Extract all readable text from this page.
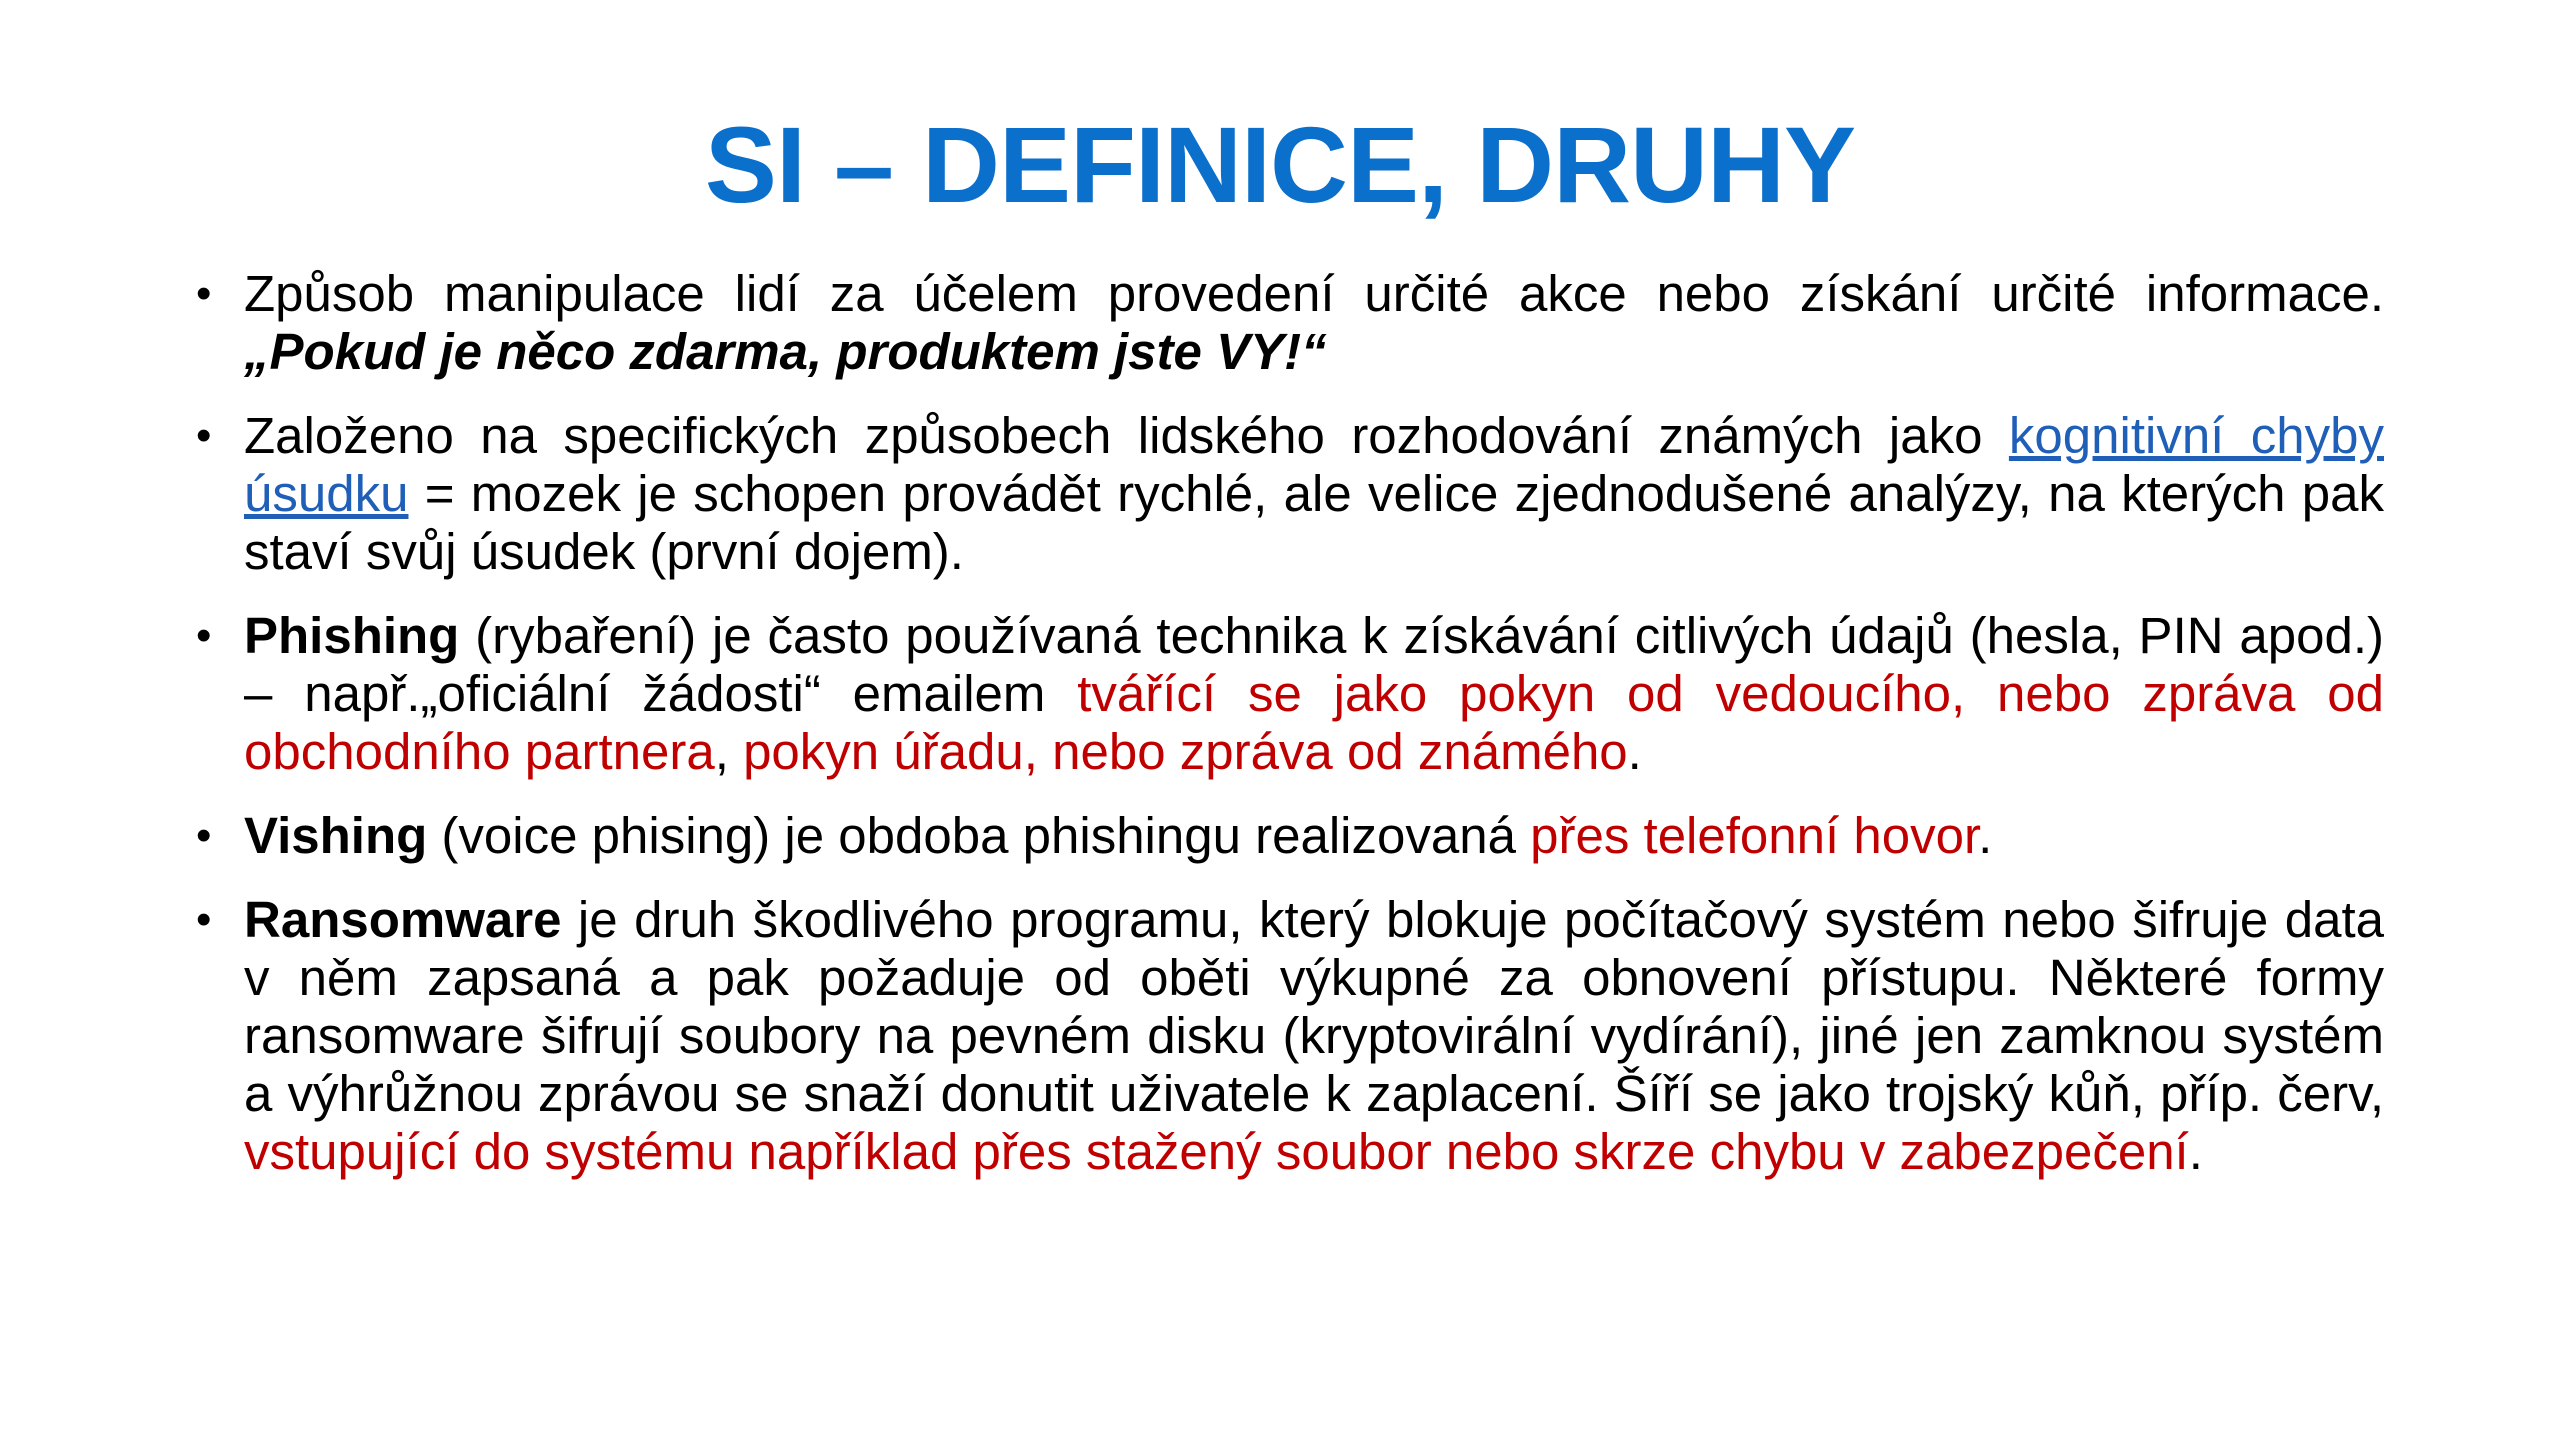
SI – DEFINICE, DRUHY
• Způsob manipulace lidí za účelem provedení určité akce nebo získání určité informace. „Pokud je něco zdarma, produktem jste VY!“
• Založeno na specifických způsobech lidského rozhodování známých jako kognitivní chyby úsudku = mozek je schopen provádět rychlé, ale velice zjednodušené analýzy, na kterých pak staví svůj úsudek (první dojem).
• Phishing (rybaření) je často používaná technika k získávání citlivých údajů (hesla, PIN apod.) – např.„oficiální žádosti“ emailem tvářící se jako pokyn od vedoucího, nebo zpráva od obchodního partnera, pokyn úřadu, nebo zpráva od známého.
• Vishing (voice phising) je obdoba phishingu realizovaná přes telefonní hovor.
• Ransomware je druh škodlivého programu, který blokuje počítačový systém nebo šifruje data v něm zapsaná a pak požaduje od oběti výkupné za obnovení přístupu. Některé formy ransomware šifrují soubory na pevném disku (kryptovirální vydírání), jiné jen zamknou systém a výhrůžnou zprávou se snaží donutit uživatele k zaplacení. Šíří se jako trojský kůň, příp. červ, vstupující do systému například přes stažený soubor nebo skrze chybu v zabezpečení.
